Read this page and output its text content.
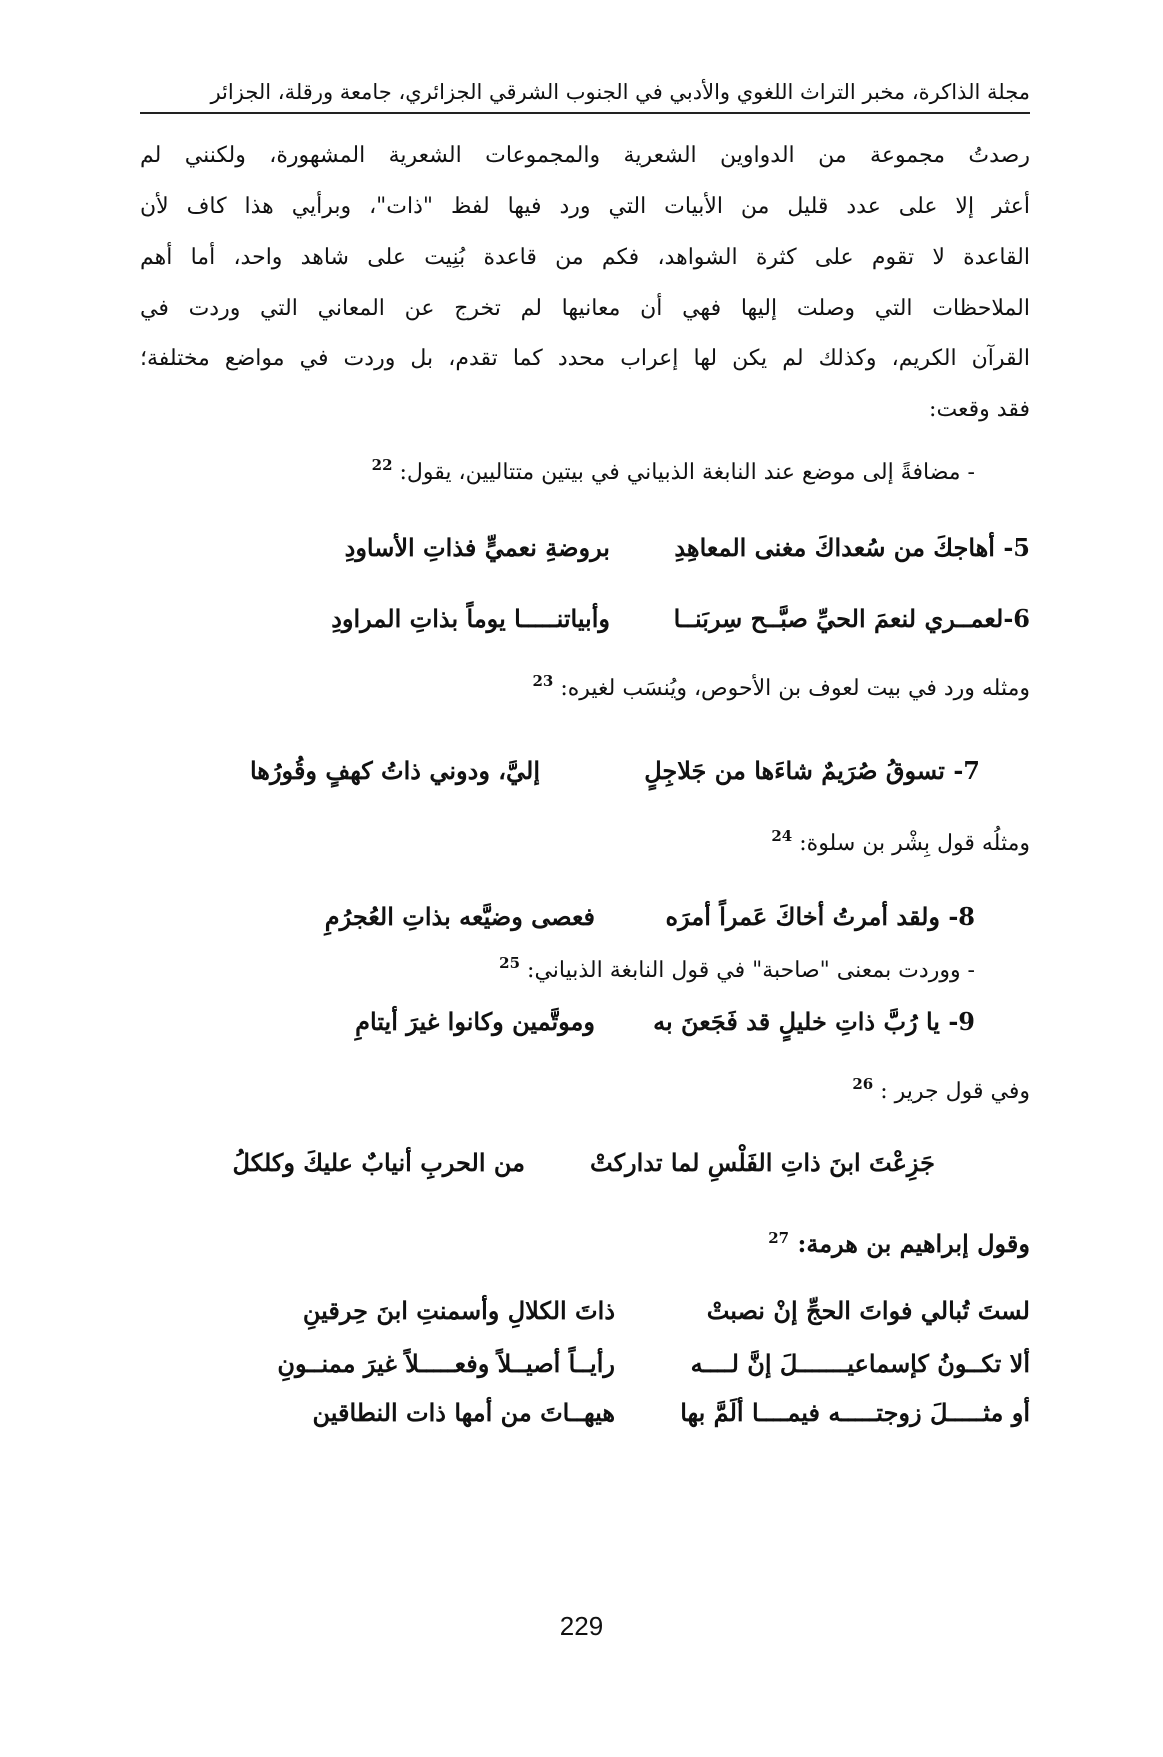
مجلة الذاكرة، مخبر التراث اللغوي والأدبي في الجنوب الشرقي الجزائري، جامعة ورقلة، الجزائر
رصدتُ مجموعة من الدواوين الشعرية والمجموعات الشعرية المشهورة، ولكنني لم
أعثر إلا على عدد قليل من الأبيات التي ورد فيها لفظ "ذات"، وبرأيي هذا كاف لأن
القاعدة لا تقوم على كثرة الشواهد، فكم من قاعدة بُنِيت على شاهد واحد، أما أهم
الملاحظات التي وصلت إليها فهي أن معانيها لم تخرج عن المعاني التي وردت في
القرآن الكريم، وكذلك لم يكن لها إعراب محدد كما تقدم، بل وردت في مواضع مختلفة؛
فقد وقعت:
- مضافةً إلى موضع عند النابغة الذبياني في بيتين متتاليين، يقول: $^{22}$
5- أهاجكَ من سُعداكَ مغنى المعاهِدِ
بروضةِ نعميٍّ فذاتِ الأساودِ
6-لعمــري لنعمَ الحيِّ صبَّــح سِربَنــا
وأبياتنـــــا يوماً بذاتِ المراودِ
ومثله ورد في بيت لعوف بن الأحوص، ويُنسَب لغيره: $^{23}$
7- تسوقُ صُرَيمٌ شاءَها من جَلاجِلٍ
إليَّ، ودوني ذاتُ كهفٍ وقُورُها
ومثلُه قول بِشْر بن سلوة: $^{24}$
8- ولقد أمرتُ أخاكَ عَمراً أمرَه
فعصى وضيَّعه بذاتِ العُجرُمِ
- ووردت بمعنى "صاحبة" في قول النابغة الذبياني: $^{25}$
9- يا رُبَّ ذاتِ خليلٍ قد فَجَعنَ به
وموتَّمين وكانوا غيرَ أيتامِ
وفي قول جرير : $^{26}$
جَزِعْتَ ابنَ ذاتِ الفَلْسِ لما تداركتْ
من الحربِ أنيابٌ عليكَ وكلكلُ
وقول إبراهيم بن هرمة: $^{27}$
لستَ تُبالي فواتَ الحجِّ إنْ نصبتْ
ذاتَ الكلالِ وأسمنتِ ابنَ حِرقينِ
ألا تكــونُ كإسماعيـــــــلَ إنَّ لــــه
رأيــاً أصيــلاً وفعـــــلاً غيرَ ممنــونِ
أو مثـــــلَ زوجتـــــه فيمــــا ألَمَّ بها
هيهــاتَ من أمها ذات النطاقين
229
